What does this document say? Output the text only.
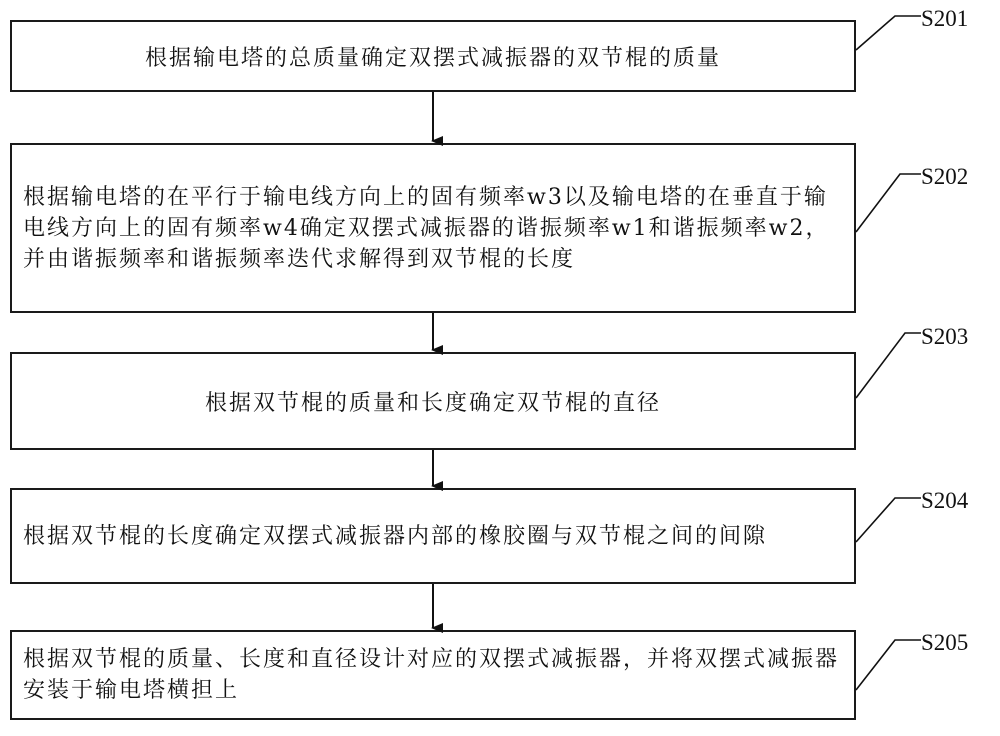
根据输电塔的总质量确定双摆式减振器的双节棍的质量
根据输电塔的在平行于输电线方向上的固有频率w3以及输电塔的在垂直于输电线方向上的固有频率w4确定双摆式减振器的谐振频率w1和谐振频率w2，并由谐振频率和谐振频率迭代求解得到双节棍的长度
根据双节棍的质量和长度确定双节棍的直径
根据双节棍的长度确定双摆式减振器内部的橡胶圈与双节棍之间的间隙
根据双节棍的质量、长度和直径设计对应的双摆式减振器，并将双摆式减振器安装于输电塔横担上
S201
S202
S203
S204
S205
